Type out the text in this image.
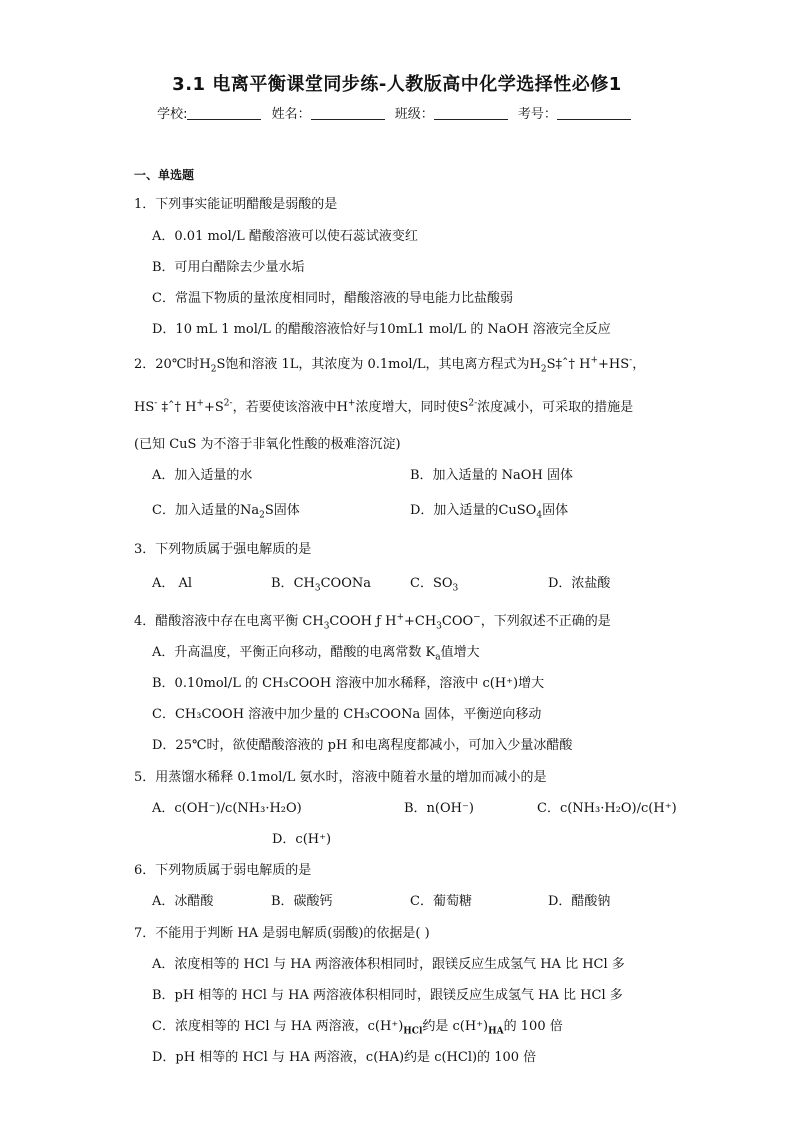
3.1 电离平衡课堂同步练-人教版高中化学选择性必修1
学校:	姓名：	班级：	考号：
一、单选题
1．下列事实能证明醋酸是弱酸的是
A．0.01 mol/L 醋酸溶液可以使石蕊试液变红
B．可用白醋除去少量水垢
C．常温下物质的量浓度相同时，醋酸溶液的导电能力比盐酸弱
D．10 mL 1 mol/L 的醋酸溶液恰好与10mL1 mol/L 的 NaOH 溶液完全反应
2．20℃时$H_2S$饱和溶液 1L，其浓度为 0.1mol/L，其电离方程式为$H_2S\ddagger ˆ\dagger$ H++HS-，
HS- ‡ˆ† $H^++S^{2-}$，若要使该溶液中H+浓度增大，同时使$S^{2-}$浓度减小，可采取的措施是
(已知 CuS 为不溶于非氧化性酸的极难溶沉淀)
A．加入适量的水	B．加入适量的 NaOH 固体
C．加入适量的$Na_2S$固体	D．加入适量的CuSO$_4$固体
3．下列物质属于强电解质的是
A． Al	B．$CH_3COONa$	C．$SO_3$	D．浓盐酸
4．醋酸溶液中存在电离平衡 $CH_3COOH$ ƒ $H^++CH_3COO^-$，下列叙述不正确的是
A．升高温度，平衡正向移动，醋酸的电离常数 $K_a$值增大
B．0.10mol/L 的 CH₃COOH 溶液中加水稀释，溶液中 c(H⁺)增大
C．CH₃COOH 溶液中加少量的 CH₃COONa 固体，平衡逆向移动
D．25℃时，欲使醋酸溶液的 pH 和电离程度都减小，可加入少量冰醋酸
5．用蒸馏水稀释 0.1mol/L 氨水时，溶液中随着水量的增加而减小的是
A．c(OH⁻)/c(NH₃·H₂O)	B．n(OH⁻)	C．c(NH₃·H₂O)/c(H⁺)
D．c(H⁺)
6．下列物质属于弱电解质的是
A．冰醋酸	B．碳酸钙	C．葡萄糖	D．醋酸钠
7．不能用于判断 HA 是弱电解质(弱酸)的依据是( )
A．浓度相等的 HCl 与 HA 两溶液体积相同时，跟镁反应生成氢气 HA 比 HCl 多
B．pH 相等的 HCl 与 HA 两溶液体积相同时，跟镁反应生成氢气 HA 比 HCl 多
C．浓度相等的 HCl 与 HA 两溶液，$c(H^+)_{HCl}$约是 $c(H^+)_{HA}$的 100 倍
D．pH 相等的 HCl 与 HA 两溶液，c(HA)约是 c(HCl)的 100 倍
